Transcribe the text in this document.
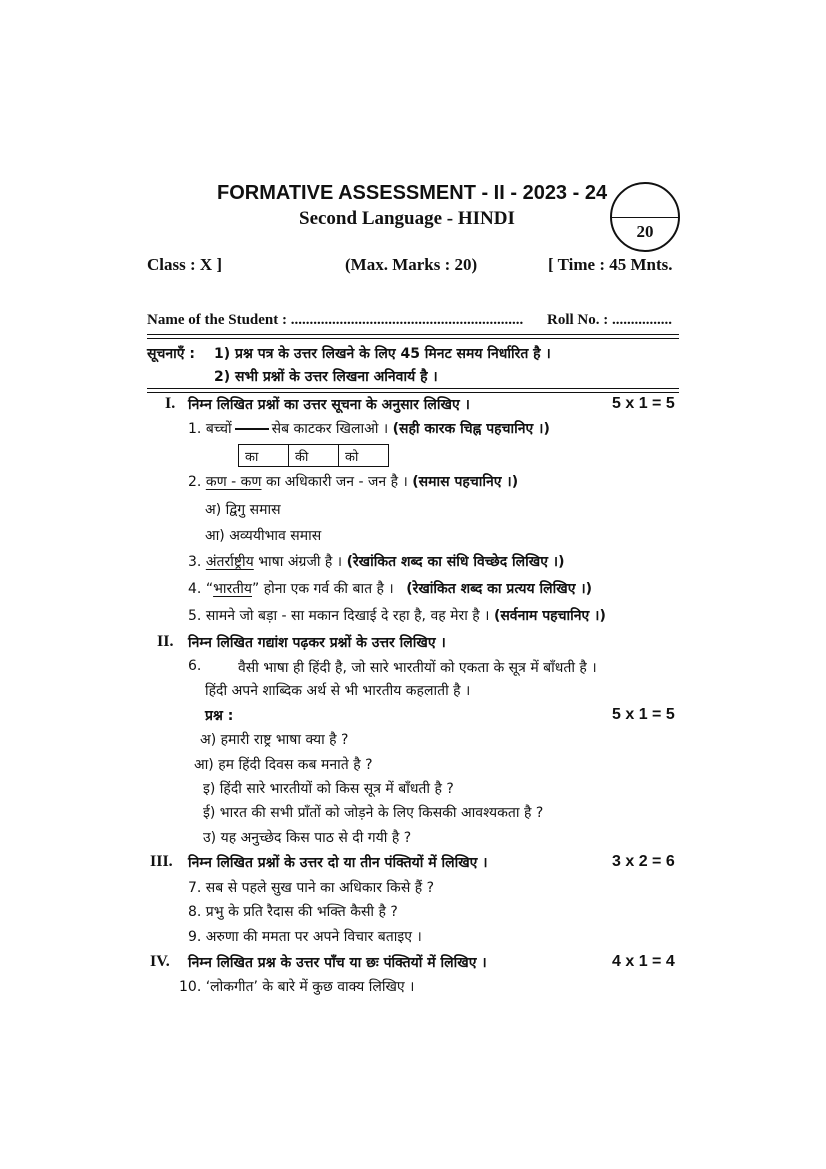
FORMATIVE ASSESSMENT - II - 2023 - 24
Second Language - HINDI
20
Class : X ]	(Max. Marks : 20)	[ Time : 45 Mnts.
Name of the Student : .............................................................. Roll No. : ................
सूचनाएँ : 1) प्रश्न पत्र के उत्तर लिखने के लिए 45 मिनट समय निर्धारित है ।
2) सभी प्रश्नों के उत्तर लिखना अनिवार्य है ।
I. निम्न लिखित प्रश्नों का उत्तर सूचना के अनुसार लिखिए ।	5 x 1 = 5
1. बच्चों	सेब काटकर खिलाओ । (सही कारक चिह्न पहचानिए ।)
का	की	को
2. कण - कण का अधिकारी जन - जन है । (समास पहचानिए ।)
अ) द्विगु समास
आ) अव्ययीभाव समास
3. अंतर्राष्ट्रीय भाषा अंग्रजी है । (रेखांकित शब्द का संधि विच्छेद लिखिए ।)
4. “भारतीय” होना एक गर्व की बात है । (रेखांकित शब्द का प्रत्यय लिखिए ।)
5. सामने जो बड़ा - सा मकान दिखाई दे रहा है, वह मेरा है । (सर्वनाम पहचानिए ।)
II. निम्न लिखित गद्यांश पढ़कर प्रश्नों के उत्तर लिखिए ।
6.	वैसी भाषा ही हिंदी है, जो सारे भारतीयों को एकता के सूत्र में बाँधती है ।
हिंदी अपने शाब्दिक अर्थ से भी भारतीय कहलाती है ।
प्रश्न :	5 x 1 = 5
अ) हमारी राष्ट्र भाषा क्या है ?
आ) हम हिंदी दिवस कब मनाते है ?
इ) हिंदी सारे भारतीयों को किस सूत्र में बाँधती है ?
ई) भारत की सभी प्राँतों को जोड़ने के लिए किसकी आवश्यकता है ?
उ) यह अनुच्छेद किस पाठ से दी गयी है ?
III. निम्न लिखित प्रश्नों के उत्तर दो या तीन पंक्तियों में लिखिए ।	3 x 2 = 6
7. सब से पहले सुख पाने का अधिकार किसे हैं ?
8. प्रभु के प्रति रैदास की भक्ति कैसी है ?
9. अरुणा की ममता पर अपने विचार बताइए ।
IV. निम्न लिखित प्रश्न के उत्तर पाँच या छः पंक्तियों में लिखिए ।	4 x 1 = 4
10. ‘लोकगीत’ के बारे में कुछ वाक्य लिखिए ।
